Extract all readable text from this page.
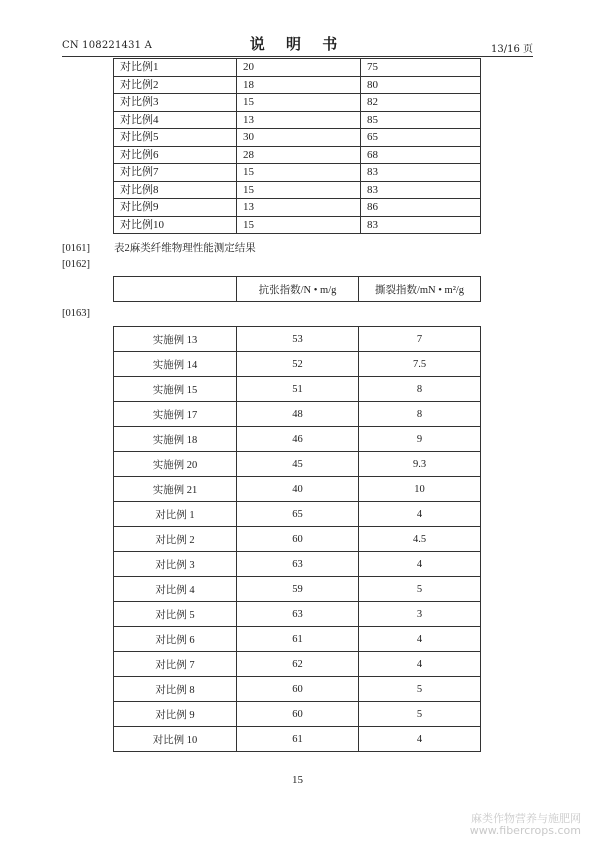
CN 108221431 A	说 明 书	13/16 页
对比例1	20	75
对比例2	18	80
对比例3	15	82
对比例4	13	85
对比例5	30	65
对比例6	28	68
对比例7	15	83
对比例8	15	83
对比例9	13	86
对比例10	15	83
[0161] 表2麻类纤维物理性能测定结果
[0162]
	抗张指数/N • m/g	撕裂指数/mN • m²/g
[0163]
实施例 13	53	7
实施例 14	52	7.5
实施例 15	51	8
实施例 17	48	8
实施例 18	46	9
实施例 20	45	9.3
实施例 21	40	10
对比例 1	65	4
对比例 2	60	4.5
对比例 3	63	4
对比例 4	59	5
对比例 5	63	3
对比例 6	61	4
对比例 7	62	4
对比例 8	60	5
对比例 9	60	5
对比例 10	61	4
15
麻类作物营养与施肥网
www.fibercrops.com
